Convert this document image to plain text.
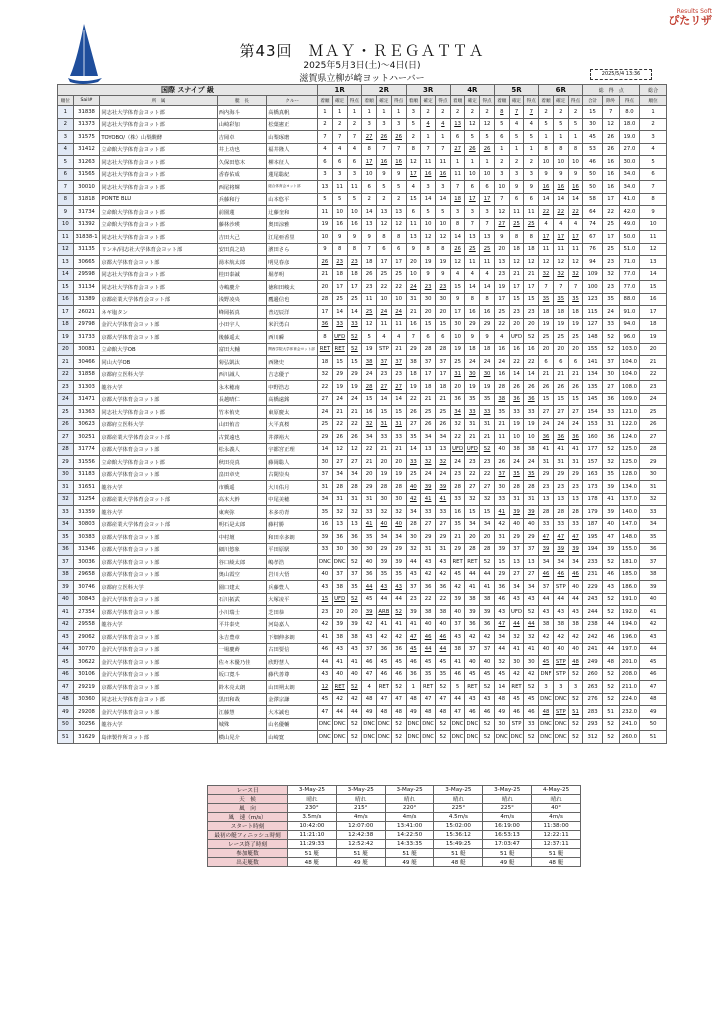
Results Soft
ぴたリザ
第43回　ＭＡＹ・ＲＥＧＡＴＴＡ
2025年5月3日(土)～4日(日)
滋賀県立柳が崎ヨットハーバー	2025/5/4 13:36
国際 スナイプ 級					1R			2R			3R			4R			5R			6R			総　得　点			総合
順位	Sail#	所　属	艇　長	クルー	着順	確定	得点	着順	確定	得点	着順	確定	得点	着順	確定	得点	着順	確定	得点	着順	確定	得点	合計	除外	得点	順位
1	31838	同志社大学体育会ヨット部	西内海斗	高橋真帆	1	1	1	1	1	1	3	2	2	2	2	2	8	7	7	2	2	2	15	7	8.0	1
2	31373	同志社大学体育会ヨット部	山崎彩加	松葉憲正	2	2	2	3	3	3	5	4	4	13	12	12	5	4	4	5	5	5	30	12	18.0	2
3	31575	TOYOBO/（株）山梨醗酵	吉岡卓	山梨琢磨	7	7	7	27	26	26	2	1	1	6	5	5	6	5	5	1	1	1	45	26	19.0	3
4	31412	立命館大学体育会ヨット部	井上功也	福井隆人	4	4	4	8	7	7	8	7	7	27	26	26	1	1	1	8	8	8	53	26	27.0	4
5	31263	同志社大学体育会ヨット部	久保田悠木	柳本征人	6	6	6	17	16	16	12	11	11	1	1	1	2	2	2	10	10	10	46	16	30.0	5
6	31565	同志社大学体育会ヨット部	香春佑成	蓮尾聡紀	3	3	3	10	9	9	17	16	16	11	10	10	3	3	3	9	9	9	50	16	34.0	6
7	30010	同志社大学体育会ヨット部	西尾将輝	総合体育会ヨット部	13	11	11	6	5	5	4	3	3	7	6	6	10	9	9	16	16	16	50	16	34.0	7
8	31818	PONTE BLU	兵藤和行	山本悠平	5	5	5	2	2	2	15	14	14	18	17	17	7	6	6	14	14	14	58	17	41.0	8
9	31734	立命館大学体育会ヨット部	前園蓮	辻藤奎和	11	10	10	14	13	13	6	5	5	3	3	3	12	11	11	22	22	22	64	22	42.0	9
10	31392	立命館大学体育会ヨット部	藤林沙瑛	奥田涼雅	19	16	16	13	12	12	11	10	10	8	7	7	27	25	25	4	4	4	74	25	49.0	10
11	31838-1	同志社大学体育会ヨット部	吉田大己	江尾亜香里	10	9	9	9	8	8	13	12	12	14	13	13	9	8	8	17	17	17	67	17	50.0	11
12	31135	リンネ/同志社大学体育会ヨット部	安田真之助	濱田さら	9	8	8	7	6	6	9	8	8	26	25	25	20	18	18	11	11	11	76	25	51.0	12
13	30665	京都大学体育会ヨット部	湯本航太郎	明見春彦	26	23	23	18	17	17	20	19	19	12	11	11	13	12	12	12	12	12	94	23	71.0	13
14	29598	同志社大学体育会ヨット部	桂田泰誠	堀孝明	21	18	18	26	25	25	10	9	9	4	4	4	23	21	21	32	32	32	109	32	77.0	14
15	31134	同志社大学体育会ヨット部	寺嶋慶介	徳和田峻太	20	17	17	23	22	22	24	23	23	15	14	14	19	17	17	7	7	7	100	23	77.0	15
16	31389	京都産業大学体育会ヨット部	浅野凌央	鷹邊信也	28	25	25	11	10	10	31	30	30	9	8	8	17	15	15	35	35	35	123	35	88.0	16
17	26021	ネギ塩タン	峰岡拓真	普辺辰洋	17	14	14	25	24	24	21	20	20	17	16	16	25	23	23	18	18	18	115	24	91.0	17
18	29798	金沢大学体育会ヨット部	小田宇人	米沢勇白	36	33	33	12	11	11	16	15	15	30	29	29	22	20	20	19	19	19	127	33	94.0	18
19	31733	京都大学体育会ヨット部	後藤遥太	西川瞬	8	UFD	52	5	4	4	7	6	6	10	9	9	4	UFD	52	25	25	25	148	52	96.0	19
20	30081	立命館大学OB	富田大輔	関西学院大学体育会ヨット部	RET	RET	52	19	STP	21	29	28	28	19	18	18	16	16	16	20	20	20	155	52	103.0	20
21	30466	同山大学OB	菊弘凱汰	西隆史	18	15	15	38	37	37	38	37	37	25	24	24	24	22	22	6	6	6	141	37	104.0	21
22	31858	京都府立医科大学	西川誠人	吉志優子	32	29	29	24	23	23	18	17	17	31	30	30	16	14	14	21	21	21	134	30	104.0	22
23	31303	龍谷大学	永木穂南	中野浩志	22	19	19	28	27	27	19	18	18	20	19	19	28	26	26	26	26	26	135	27	108.0	23
24	31471	京都大学体育会ヨット部	長越晴仁	高橋遠銘	27	24	24	15	14	14	22	21	21	36	35	35	38	36	36	15	15	15	145	36	109.0	24
25	31363	同志社大学体育会ヨット部	竹本侑史	東原慶太	24	21	21	16	15	15	26	25	25	34	33	33	35	33	33	27	27	27	154	33	121.0	25
26	30623	京都府立医科大学	山田侑音	大平真桜	25	22	22	32	31	31	27	26	26	32	31	31	21	19	19	24	24	24	153	31	122.0	26
27	30251	京都産業大学体育会ヨット部	古賀遠也	井澤裕大	29	26	26	34	33	33	35	34	34	22	21	21	11	10	10	36	36	36	160	36	124.0	27
28	31774	京都大学体育会ヨット部	松永義人	宇都宮正理	14	12	12	22	21	21	14	13	13	UFD	UFD	52	40	38	38	41	41	41	177	52	125.0	28
29	31556	立命館大学体育会ヨット部	秋田亮真	藤岡聡人	30	27	27	21	20	20	33	32	32	24	23	23	26	24	24	31	31	31	157	32	125.0	29
30	31183	京都大学体育会ヨット部	畠田章史	古閑崇央	37	34	34	20	19	19	25	24	24	23	22	22	37	35	35	29	29	29	163	35	128.0	30
31	31651	龍谷大学	市橋遥	大川佑月	31	28	28	29	28	28	40	39	39	28	27	27	30	28	28	23	23	23	173	39	134.0	31
32	31254	京都産業大学体育会ヨット部	高木大幹	中尾美穂	34	31	31	31	30	30	42	41	41	33	32	32	33	31	31	13	13	13	178	41	137.0	32
33	31359	龍谷大学	東爽弥	本多功青	35	32	32	33	32	32	34	33	33	16	15	15	41	39	39	28	28	28	179	39	140.0	33
34	30803	京都産業大学体育会ヨット部	明石是太郎	藤村勝	16	13	13	41	40	40	28	27	27	35	34	34	42	40	40	33	33	33	187	40	147.0	34
35	30383	京都大学体育会ヨット部	中村壇	和田幸多朗	39	36	36	35	34	34	30	29	29	21	20	20	31	29	29	47	47	47	195	47	148.0	35
36	31346	京都大学体育会ヨット部	細川悠象	平田原駅	33	30	30	30	29	29	32	31	31	29	28	28	39	37	37	39	39	39	194	39	155.0	36
37	30036	京都大学体育会ヨット部	谷口綾太郎	嶋孝浩	DNC	DNC	52	40	39	39	44	43	43	RET	RET	52	15	13	13	34	34	34	233	52	181.0	37
38	29658	京都大学体育会ヨット部	奥山霞空	岩川大悟	40	37	37	36	35	35	43	42	42	45	44	44	29	27	27	46	46	46	231	46	185.0	38
39	30746	京都府立医科大学	園口建太	兵藤豊人	43	38	35	44	43	43	37	36	36	42	41	41	36	34	34	37	STP	40	229	43	186.0	39
40	30843	金沢大学体育会ヨット部	石川拓武	大塚凌平	15	UFD	52	45	44	44	23	22	22	39	38	38	46	43	43	44	44	44	243	52	191.0	40
41	27354	京都大学体育会ヨット部	小川瑞士	芝田恭	23	20	20	39	ARB	52	39	38	38	40	39	39	43	UFD	52	43	43	43	244	52	192.0	41
42	29558	龍谷大学	平井泰史	河島嘉人	42	39	39	42	41	41	41	40	40	37	36	36	47	44	44	38	38	38	238	44	194.0	42
43	29062	京都大学体育会ヨット部	永吉豊章	下畑伸多朗	41	38	38	43	42	42	47	46	46	43	42	42	34	32	32	42	42	42	242	46	196.0	43
44	30770	金沢大学体育会ヨット部	一場慶蒔	古田要信	46	43	43	37	36	36	45	44	44	38	37	37	44	41	41	40	40	40	241	44	197.0	44
45	30622	金沢大学体育会ヨット部	佐々木優乃佳	欣野慧人	44	41	41	46	45	45	46	45	45	41	40	40	32	30	30	45	STP	48	249	48	201.0	45
46	30106	金沢大学体育会ヨット部	坂口寛斗	藤代善尊	43	40	40	47	46	46	36	35	35	46	45	45	45	42	42	DNF	STP	52	260	52	208.0	46
47	29219	京都大学体育会ヨット部	鈴木亮太朗	山田朔太朗	12	RET	52	4	RET	52	1	RET	52	5	RET	52	14	RET	52	3	3	3	263	52	211.0	47
48	30360	同志社大学体育会ヨット部	黒田和哉	金澤宗謙	45	42	42	48	47	47	48	47	47	44	43	43	48	45	45	DNC	DNC	52	276	52	224.0	48
49	29208	金沢大学体育会ヨット部	江藤慧	大木誠也	47	44	44	49	48	48	49	48	48	47	46	46	49	46	46	48	STP	51	283	51	232.0	49
50	30256	龍谷大学	城殊	山名優輔	DNC	DNC	52	DNC	DNC	52	DNC	DNC	52	DNC	DNC	52	30	STP	33	DNC	DNC	52	293	52	241.0	50
51	31629	島津製作所ヨット部	横山晃介	山崎寛	DNC	DNC	52	DNC	DNC	52	DNC	DNC	52	DNC	DNC	52	DNC	DNC	52	DNC	DNC	52	312	52	260.0	51
レース日	3-May-25	3-May-25	3-May-25	3-May-25	3-May-25	4-May-25
天　候	晴れ	晴れ	晴れ	晴れ	晴れ	晴れ
風　向	230°	215°	220°	225°	225°	40°
風　速（m/s）	3.5m/s	4m/s	4m/s	4.5m/s	4m/s	4m/s
スタート時刻	10:42:00	12:07:00	13:41:00	15:02:00	16:19:00	11:38:00
最初の艇フィニッシュ時刻	11:21:10	12:42:38	14:22:50	15:36:12	16:53:13	12:22:11
レース終了時刻	11:29:33	12:52:42	14:33:35	15:49:25	17:03:47	12:37:11
参加艇数	51 艇	51 艇	51 艇	51 艇	51 艇	51 艇
出走艇数	48 艇	49 艇	49 艇	48 艇	49 艇	48 艇
